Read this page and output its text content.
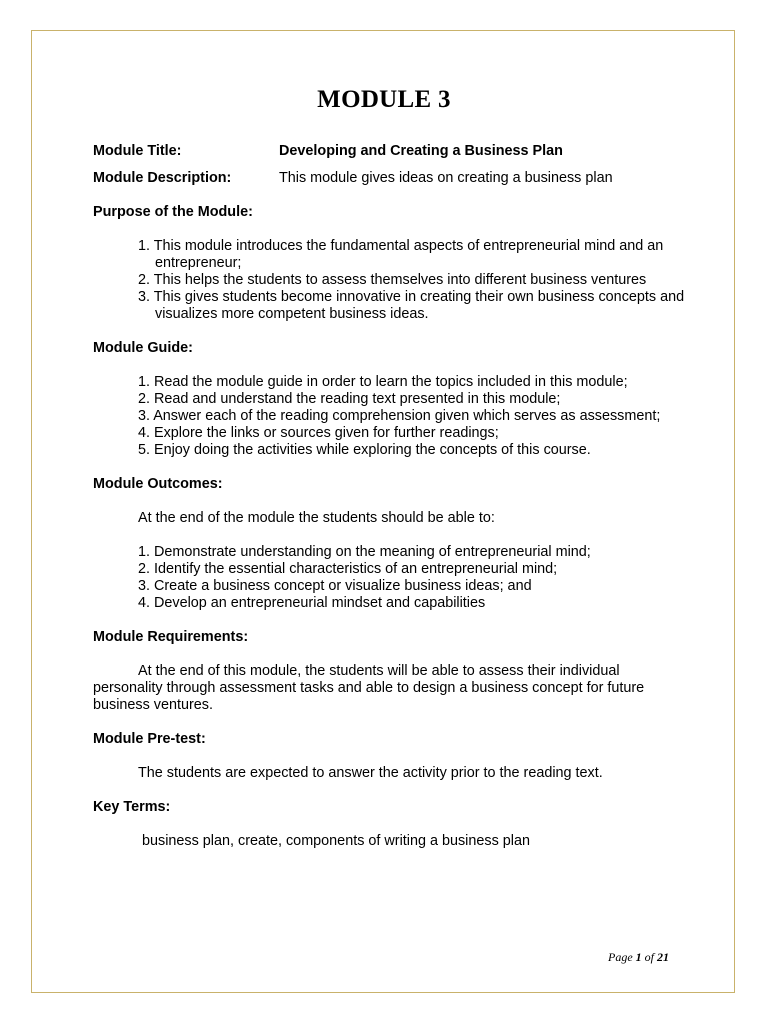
MODULE 3
Module Title:	Developing and Creating a Business Plan
Module Description:	This module gives ideas on creating a business plan
Purpose of the Module:
1. This module introduces the fundamental aspects of entrepreneurial mind and an entrepreneur;
2. This helps the students to assess themselves into different business ventures
3. This gives students become innovative in creating their own business concepts and visualizes more competent business ideas.
Module Guide:
1. Read the module guide in order to learn the topics included in this module;
2. Read and understand the reading text presented in this module;
3. Answer each of the reading comprehension given which serves as assessment;
4. Explore the links or sources given for further readings;
5. Enjoy doing the activities while exploring the concepts of this course.
Module Outcomes:
At the end of the module the students should be able to:
1. Demonstrate understanding on the meaning of entrepreneurial mind;
2. Identify the essential characteristics of an entrepreneurial mind;
3. Create a business concept or visualize business ideas; and
4. Develop an entrepreneurial mindset and capabilities
Module Requirements:
At the end of this module, the students will be able to assess their individual personality through assessment tasks and able to design a business concept for future business ventures.
Module Pre-test:
The students are expected to answer the activity prior to the reading text.
Key Terms:
business plan, create, components of writing a business plan
Page 1 of 21
